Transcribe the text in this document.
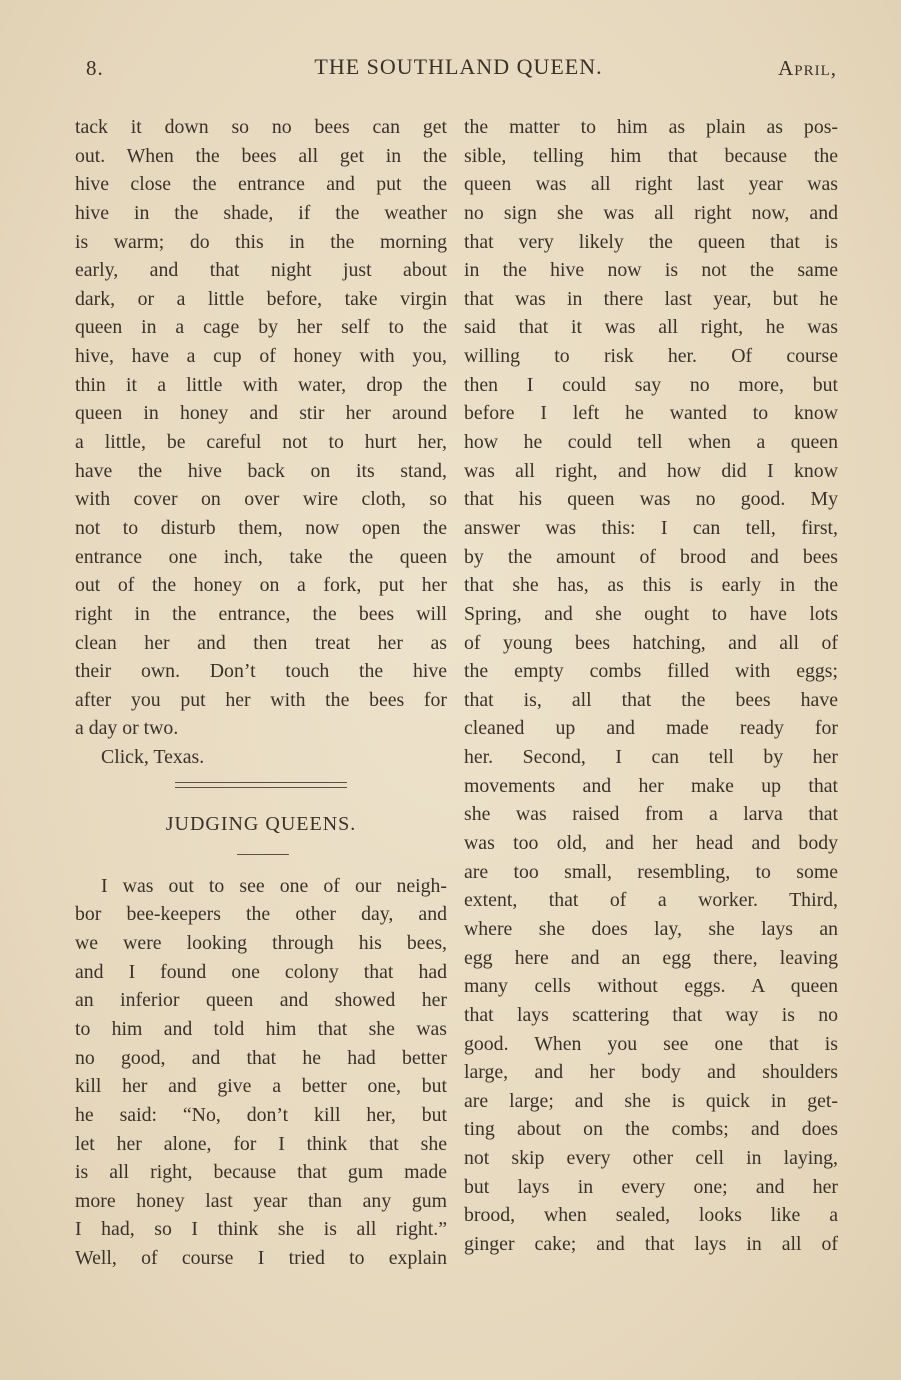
8.	THE SOUTHLAND QUEEN.	April,
tack it down so no bees can get
out. When the bees all get in the
hive close the entrance and put the
hive in the shade, if the weather
is warm; do this in the morning
early, and that night just about
dark, or a little before, take virgin
queen in a cage by her self to the
hive, have a cup of honey with you,
thin it a little with water, drop the
queen in honey and stir her around
a little, be careful not to hurt her,
have the hive back on its stand,
with cover on over wire cloth, so
not to disturb them, now open the
entrance one inch, take the queen
out of the honey on a fork, put her
right in the entrance, the bees will
clean her and then treat her as
their own. Don’t touch the hive
after you put her with the bees for
a day or two.
Click, Texas.
JUDGING QUEENS.
I was out to see one of our neigh-
bor bee-keepers the other day, and
we were looking through his bees,
and I found one colony that had
an inferior queen and showed her
to him and told him that she was
no good, and that he had better
kill her and give a better one, but
he said: “No, don’t kill her, but
let her alone, for I think that she
is all right, because that gum made
more honey last year than any gum
I had, so I think she is all right.”
Well, of course I tried to explain
the matter to him as plain as pos-
sible, telling him that because the
queen was all right last year was
no sign she was all right now, and
that very likely the queen that is
in the hive now is not the same
that was in there last year, but he
said that it was all right, he was
willing to risk her. Of course
then I could say no more, but
before I left he wanted to know
how he could tell when a queen
was all right, and how did I know
that his queen was no good. My
answer was this: I can tell, first,
by the amount of brood and bees
that she has, as this is early in the
Spring, and she ought to have lots
of young bees hatching, and all of
the empty combs filled with eggs;
that is, all that the bees have
cleaned up and made ready for
her. Second, I can tell by her
movements and her make up that
she was raised from a larva that
was too old, and her head and body
are too small, resembling, to some
extent, that of a worker. Third,
where she does lay, she lays an
egg here and an egg there, leaving
many cells without eggs. A queen
that lays scattering that way is no
good. When you see one that is
large, and her body and shoulders
are large; and she is quick in get-
ting about on the combs; and does
not skip every other cell in laying,
but lays in every one; and her
brood, when sealed, looks like a
ginger cake; and that lays in all of
